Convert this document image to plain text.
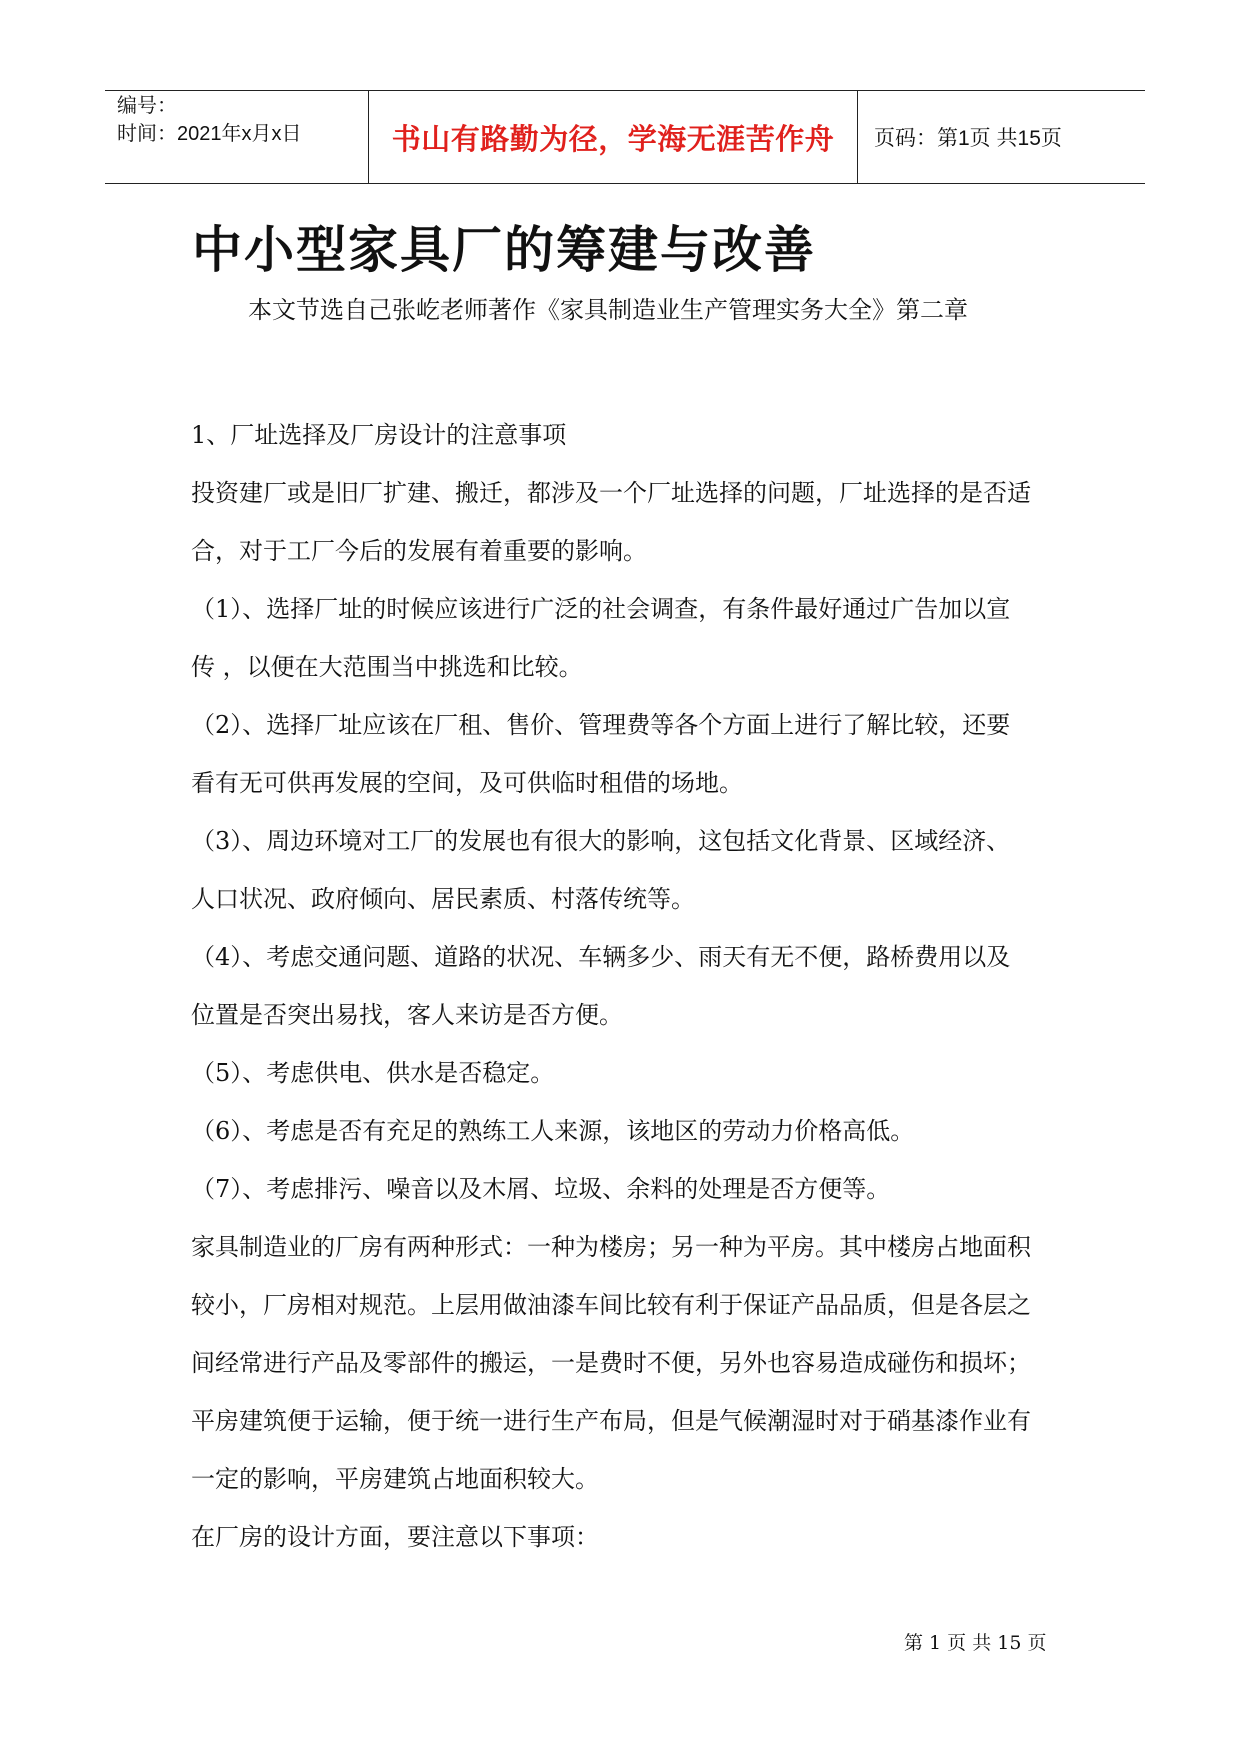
编号：
时间：2021年x月x日	书山有路勤为径，学海无涯苦作舟	页码：第1页 共15页
中小型家具厂的筹建与改善
本文节选自己张屹老师著作《家具制造业生产管理实务大全》第二章

1、厂址选择及厂房设计的注意事项

投资建厂或是旧厂扩建、搬迁，都涉及一个厂址选择的问题，厂址选择的是否适

合，对于工厂今后的发展有着重要的影响。

（1）、选择厂址的时候应该进行广泛的社会调查，有条件最好通过广告加以宣

传 ，以便在大范围当中挑选和比较。

（2）、选择厂址应该在厂租、售价、管理费等各个方面上进行了解比较，还要

看有无可供再发展的空间，及可供临时租借的场地。

（3）、周边环境对工厂的发展也有很大的影响，这包括文化背景、区域经济、

人口状况、政府倾向、居民素质、村落传统等。

（4）、考虑交通问题、道路的状况、车辆多少、雨天有无不便，路桥费用以及

位置是否突出易找，客人来访是否方便。

（5）、考虑供电、供水是否稳定。

（6）、考虑是否有充足的熟练工人来源，该地区的劳动力价格高低。

（7）、考虑排污、噪音以及木屑、垃圾、余料的处理是否方便等。

家具制造业的厂房有两种形式：一种为楼房；另一种为平房。其中楼房占地面积

较小，厂房相对规范。上层用做油漆车间比较有利于保证产品品质，但是各层之

间经常进行产品及零部件的搬运，一是费时不便，另外也容易造成碰伤和损坏；

平房建筑便于运输，便于统一进行生产布局，但是气候潮湿时对于硝基漆作业有

一定的影响，平房建筑占地面积较大。

在厂房的设计方面，要注意以下事项：

第 1 页 共 15 页
